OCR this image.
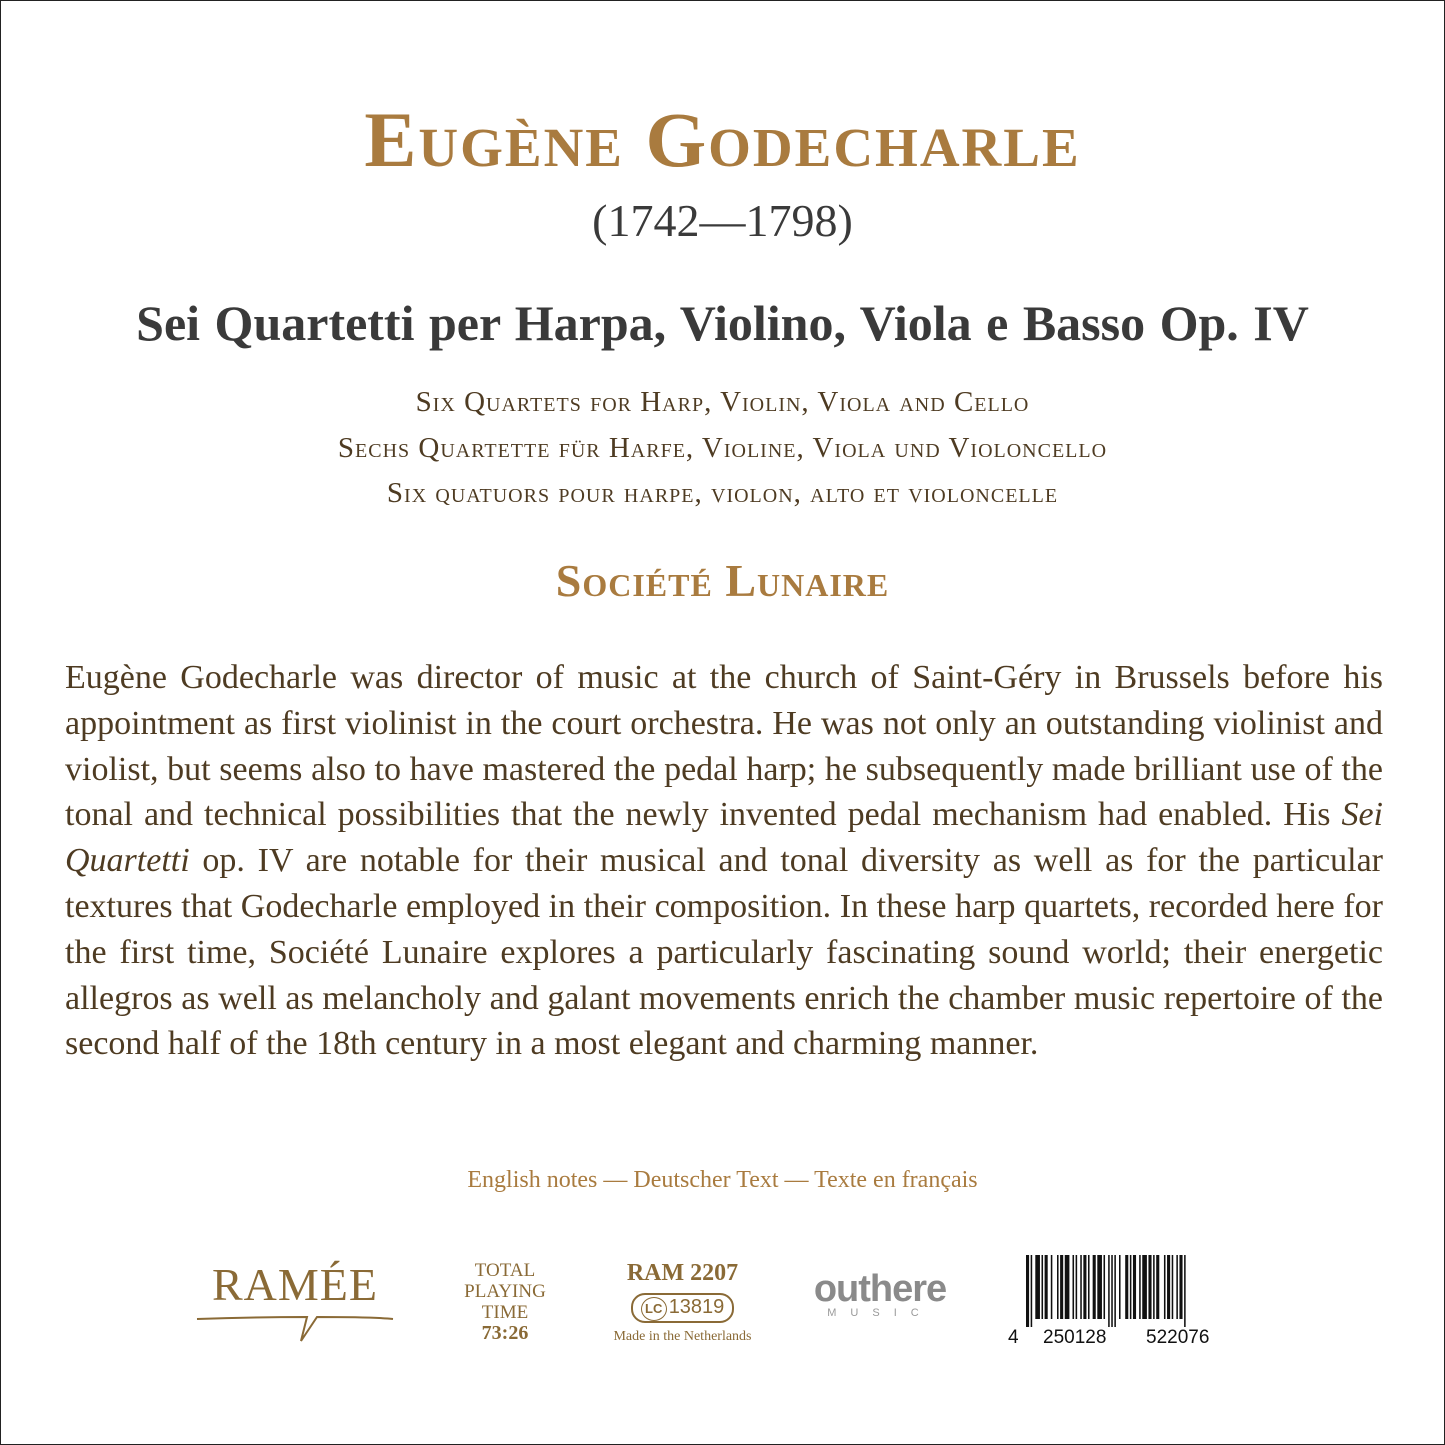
Eugène Godecharle
(1742—1798)
Sei Quartetti per Harpa, Violino, Viola e Basso Op. IV
Six Quartets for Harp, Violin, Viola and Cello
Sechs Quartette für Harfe, Violine, Viola und Violoncello
Six quatuors pour harpe, violon, alto et violoncelle
Société Lunaire
Eugène Godecharle was director of music at the church of Saint-Géry in Brussels before his appointment as first violinist in the court orchestra. He was not only an outstanding violinist and violist, but seems also to have mastered the pedal harp; he subsequently made brilliant use of the tonal and technical possibilities that the newly invented pedal mechanism had enabled. His Sei Quartetti op. IV are notable for their musical and tonal diversity as well as for the particular textures that Godecharle employed in their composition. In these harp quartets, recorded here for the first time, Société Lunaire explores a particularly fascinating sound world; their energetic allegros as well as melancholy and galant movements enrich the chamber music repertoire of the second half of the 18th century in a most elegant and charming manner.
English notes — Deutscher Text — Texte en français
RAMÉE	TOTAL
PLAYING
TIME
73:26
RAM 2207
LC 13819
Made in the Netherlands
outhere
MUSIC
4 250128 522076
